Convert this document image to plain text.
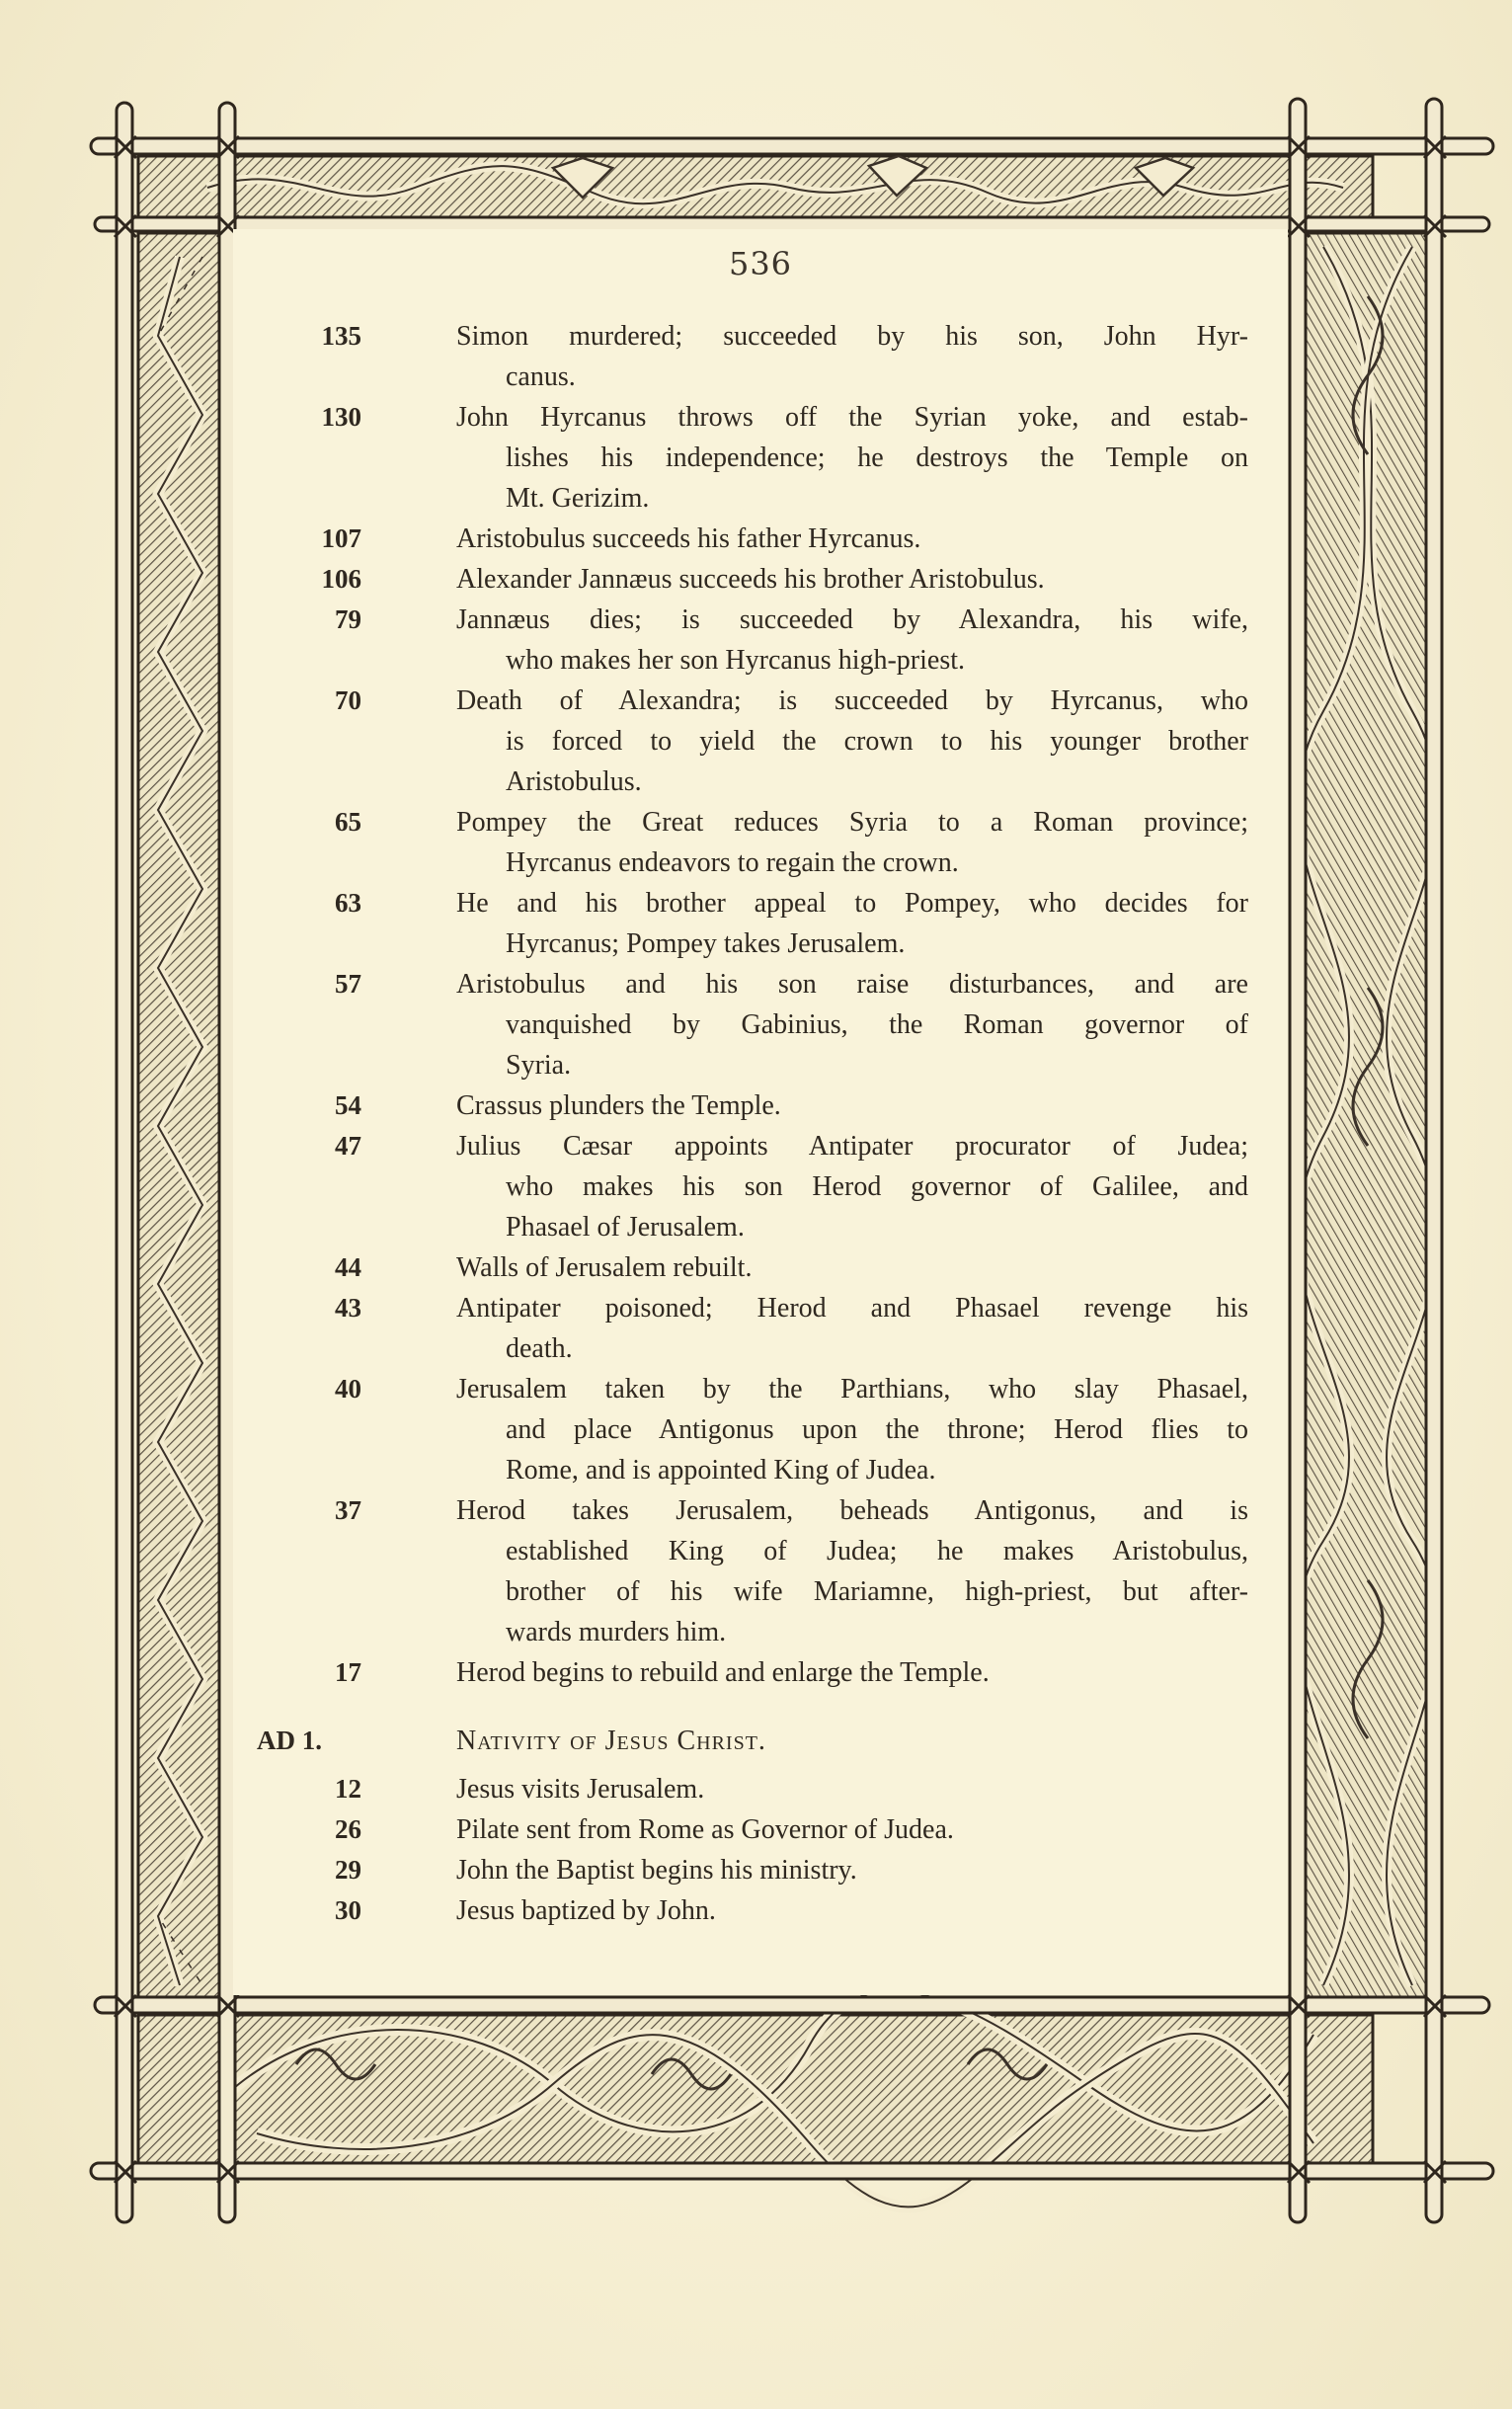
536
135	Simon murdered; succeeded by his son, John Hyr-
canus.
130	John Hyrcanus throws off the Syrian yoke, and estab-
lishes his independence; he destroys the Temple on
Mt. Gerizim.
107	Aristobulus succeeds his father Hyrcanus.
106	Alexander Jannæus succeeds his brother Aristobulus.
79	Jannæus dies; is succeeded by Alexandra, his wife,
who makes her son Hyrcanus high-priest.
70	Death of Alexandra; is succeeded by Hyrcanus, who
is forced to yield the crown to his younger brother
Aristobulus.
65	Pompey the Great reduces Syria to a Roman province;
Hyrcanus endeavors to regain the crown.
63	He and his brother appeal to Pompey, who decides for
Hyrcanus; Pompey takes Jerusalem.
57	Aristobulus and his son raise disturbances, and are
vanquished by Gabinius, the Roman governor of
Syria.
54	Crassus plunders the Temple.
47	Julius Cæsar appoints Antipater procurator of Judea;
who makes his son Herod governor of Galilee, and
Phasael of Jerusalem.
44	Walls of Jerusalem rebuilt.
43	Antipater poisoned; Herod and Phasael revenge his
death.
40	Jerusalem taken by the Parthians, who slay Phasael,
and place Antigonus upon the throne; Herod flies to
Rome, and is appointed King of Judea.
37	Herod takes Jerusalem, beheads Antigonus, and is
established King of Judea; he makes Aristobulus,
brother of his wife Mariamne, high-priest, but after-
wards murders him.
17	Herod begins to rebuild and enlarge the Temple.
AD 1.	Nativity of Jesus Christ.
12	Jesus visits Jerusalem.
26	Pilate sent from Rome as Governor of Judea.
29	John the Baptist begins his ministry.
30	Jesus baptized by John.
